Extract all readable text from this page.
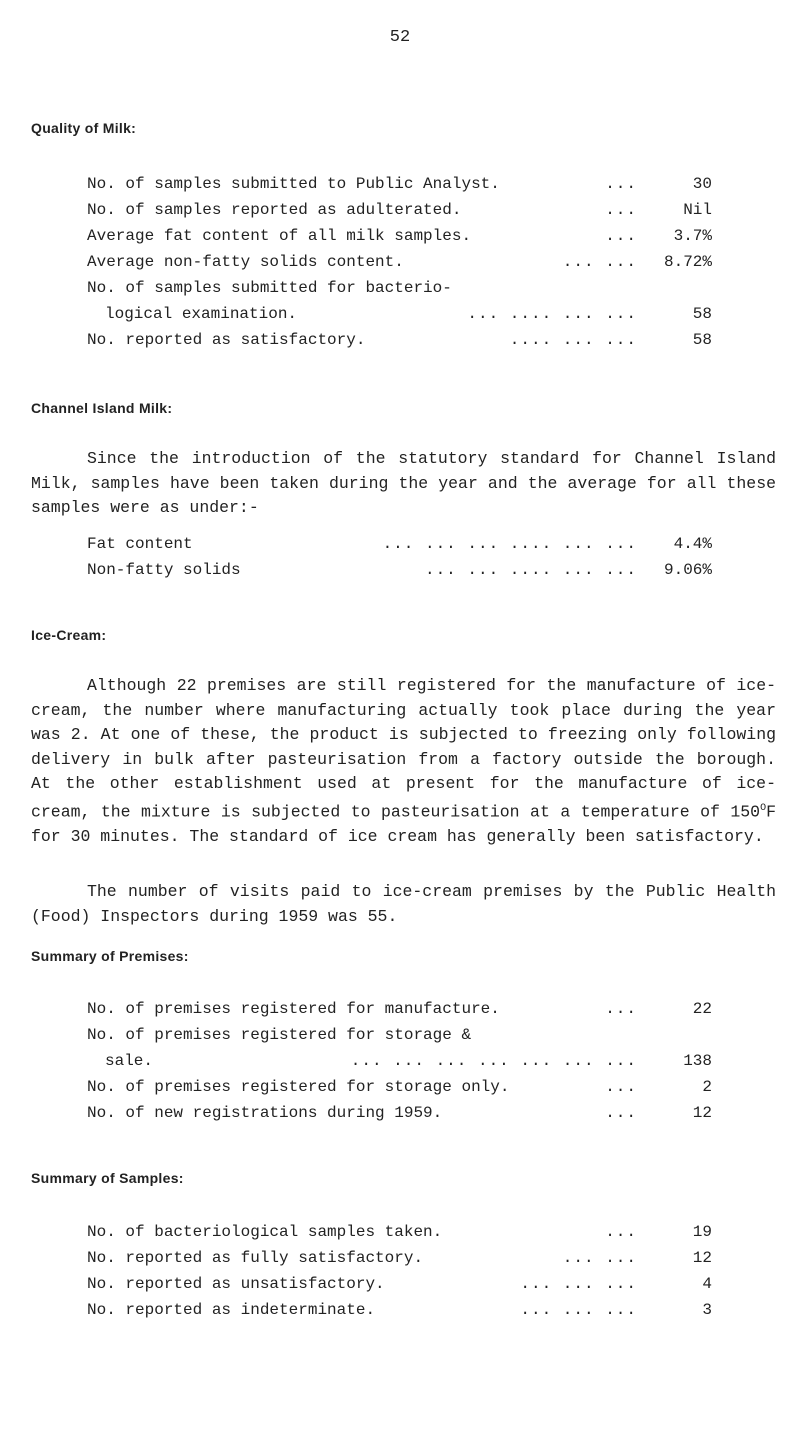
52
Quality of Milk:
No. of samples submitted to Public Analyst.	...	30
No. of samples reported as adulterated.	...	Nil
Average fat content of all milk samples.	... 3.7%
Average non-fatty solids content.	... ... 8.72%
No. of samples submitted for bacterio-
logical examination.	... .... ... ...	58
No. reported as satisfactory.	.... ... ...	58
Channel Island Milk:

Since the introduction of the statutory standard for Channel Island Milk, samples have been taken during the year and the average for all these samples were as under:-

Fat content	... ... ... .... ... ... 4.4%
Non-fatty solids	... ... .... ... ... 9.06%
Ice-Cream:

Although 22 premises are still registered for the manufacture of ice-cream, the number where manufacturing actually took place during the year was 2. At one of these, the product is subjected to freezing only following delivery in bulk after pasteurisation from a factory outside the borough. At the other establishment used at present for the manufacture of ice-cream, the mixture is subjected to pasteurisation at a temperature of $150^OF$ for 30 minutes. The standard of ice cream has generally been satisfactory.

The number of visits paid to ice-cream premises by the Public Health (Food) Inspectors during 1959 was 55.

Summary of Premises:
No. of premises registered for manufacture.	...	22
No. of premises registered for storage &
sale.	... ... ... ... ... ... ...	138
No. of premises registered for storage only.	...	2
No. of new registrations during 1959.	...	12
Summary of Samples:
No. of bacteriological samples taken.	...	19
No. reported as fully satisfactory.	... ...	12
No. reported as unsatisfactory.	... ... ...	4
No. reported as indeterminate.	... ... ...	3
